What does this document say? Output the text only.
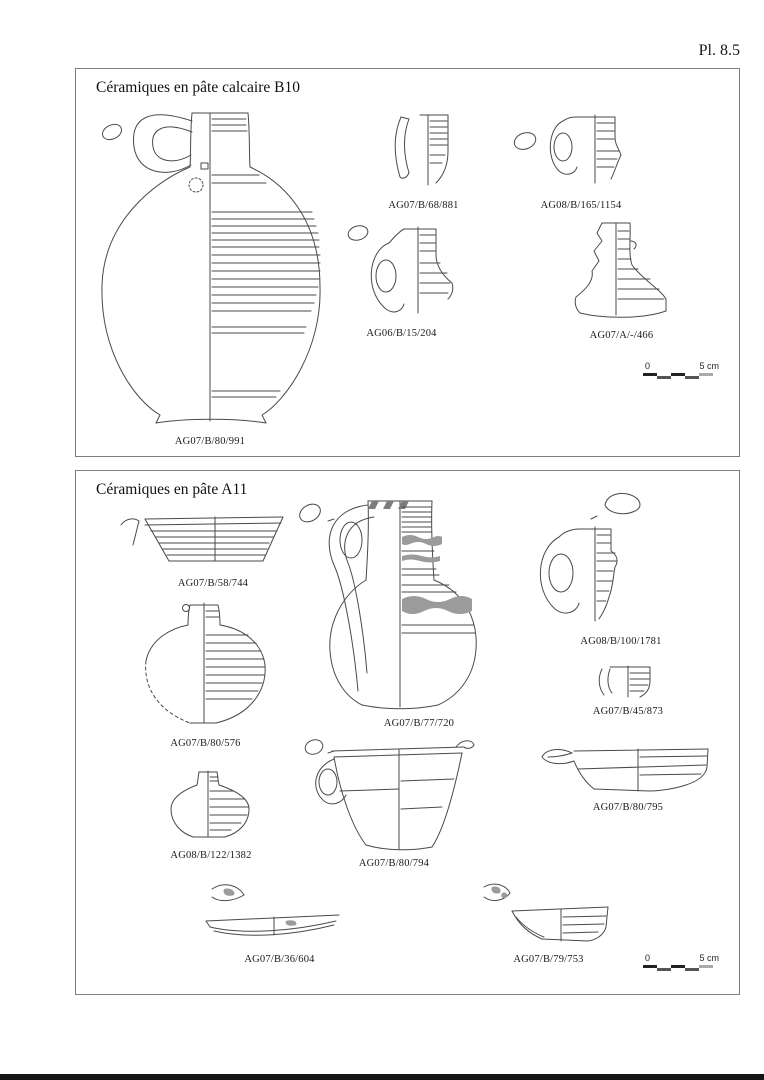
Pl. 8.5
Céramiques en pâte calcaire B10
AG07/B/80/991
AG07/B/68/881	AG08/B/165/1154
AG06/B/15/204	AG07/A/-/466
0	5 cm
Céramiques en pâte A11
AG07/B/58/744
AG07/B/80/576
AG08/B/122/1382
AG07/B/77/720
AG07/B/80/794
AG08/B/100/1781
AG07/B/45/873
AG07/B/80/795
AG07/B/36/604	AG07/B/79/753	0	5 cm
